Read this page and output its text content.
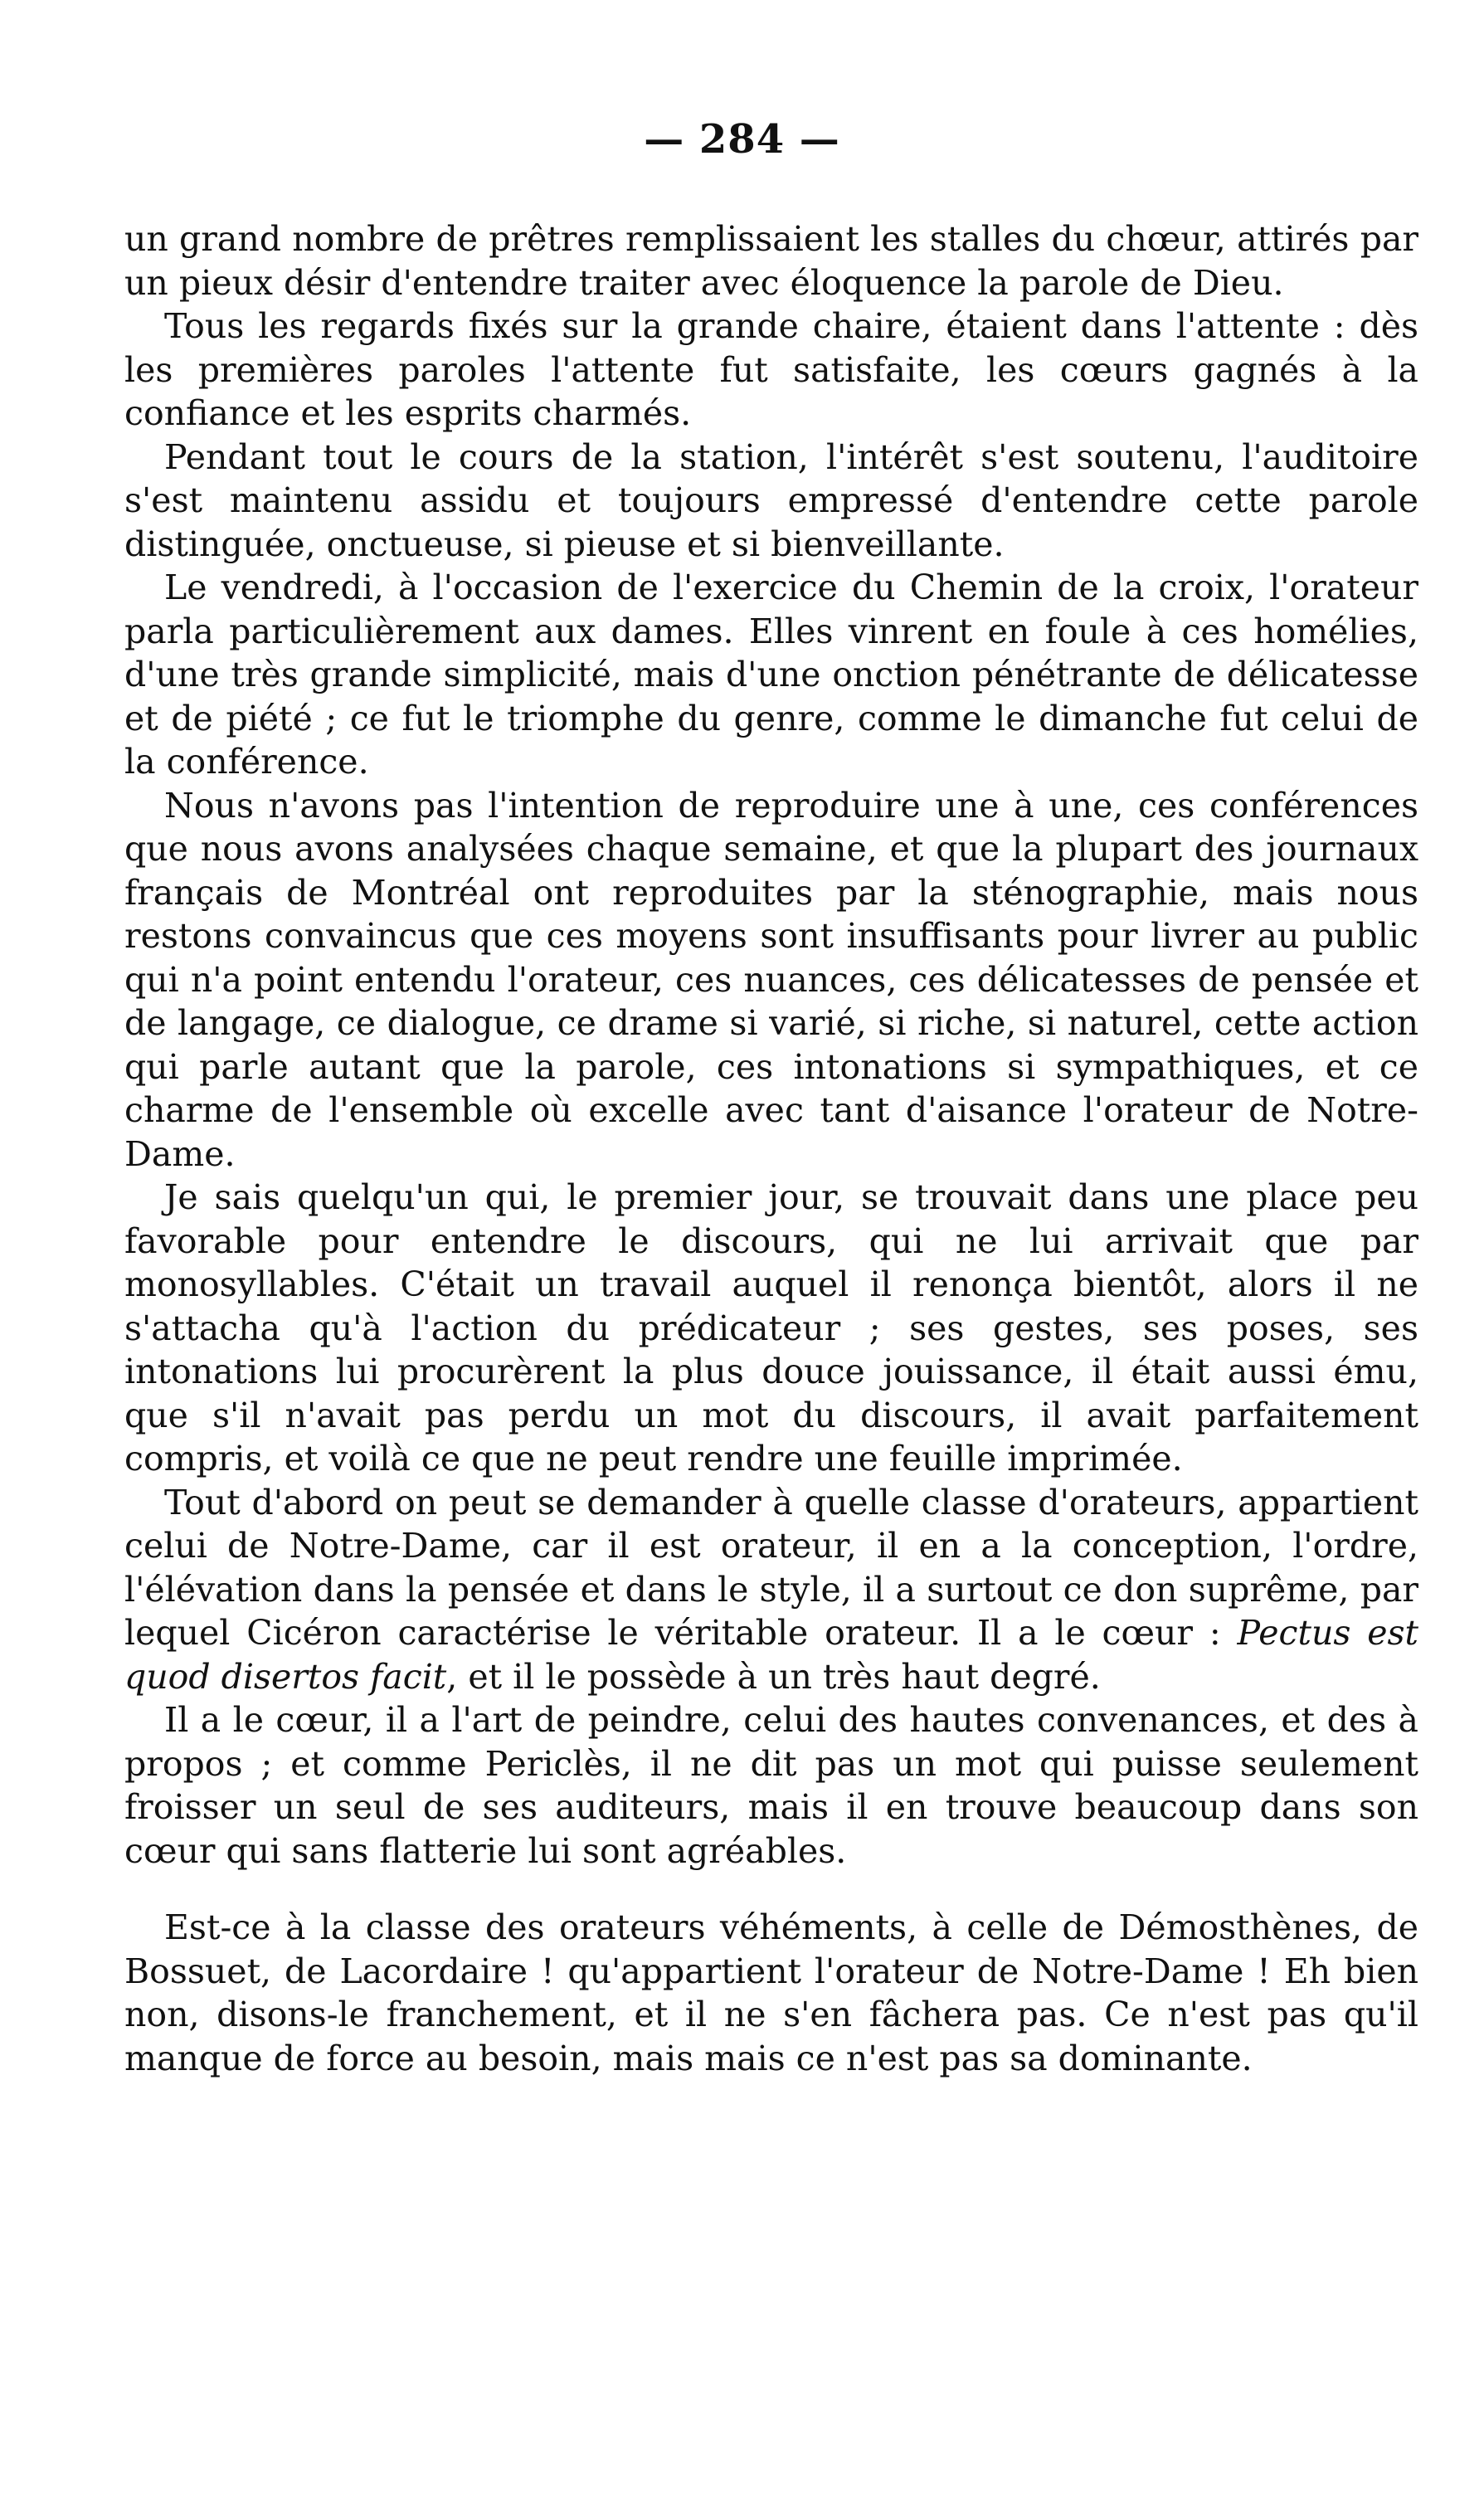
— 284 —

un grand nombre de prêtres remplissaient les stalles du chœur, attirés par un pieux désir d'entendre traiter avec éloquence la parole de Dieu.

Tous les regards fixés sur la grande chaire, étaient dans l'attente : dès les premières paroles l'attente fut satisfaite, les cœurs gagnés à la confiance et les esprits charmés.

Pendant tout le cours de la station, l'intérêt s'est soutenu, l'auditoire s'est maintenu assidu et toujours empressé d'entendre cette parole distinguée, onctueuse, si pieuse et si bienveillante.

Le vendredi, à l'occasion de l'exercice du Chemin de la croix, l'orateur parla particulièrement aux dames. Elles vinrent en foule à ces homélies, d'une très grande simplicité, mais d'une onction pénétrante de délicatesse et de piété ; ce fut le triomphe du genre, comme le dimanche fut celui de la conférence.

Nous n'avons pas l'intention de reproduire une à une, ces conférences que nous avons analysées chaque semaine, et que la plupart des journaux français de Montréal ont reproduites par la sténographie, mais nous restons convaincus que ces moyens sont insuffisants pour livrer au public qui n'a point entendu l'orateur, ces nuances, ces délicatesses de pensée et de langage, ce dialogue, ce drame si varié, si riche, si naturel, cette action qui parle autant que la parole, ces intonations si sympathiques, et ce charme de l'ensemble où excelle avec tant d'aisance l'orateur de Notre-Dame.

Je sais quelqu'un qui, le premier jour, se trouvait dans une place peu favorable pour entendre le discours, qui ne lui arrivait que par monosyllables. C'était un travail auquel il renonça bientôt, alors il ne s'attacha qu'à l'action du prédicateur ; ses gestes, ses poses, ses intonations lui procurèrent la plus douce jouissance, il était aussi ému, que s'il n'avait pas perdu un mot du discours, il avait parfaitement compris, et voilà ce que ne peut rendre une feuille imprimée.

Tout d'abord on peut se demander à quelle classe d'orateurs, appartient celui de Notre-Dame, car il est orateur, il en a la conception, l'ordre, l'élévation dans la pensée et dans le style, il a surtout ce don suprême, par lequel Cicéron caractérise le véritable orateur. Il a le cœur : Pectus est quod disertos facit, et il le possède à un très haut degré.

Il a le cœur, il a l'art de peindre, celui des hautes convenances, et des à propos ; et comme Periclès, il ne dit pas un mot qui puisse seulement froisser un seul de ses auditeurs, mais il en trouve beaucoup dans son cœur qui sans flatterie lui sont agréables.

Est-ce à la classe des orateurs véhéments, à celle de Démosthènes, de Bossuet, de Lacordaire ! qu'appartient l'orateur de Notre-Dame ! Eh bien non, disons-le franchement, et il ne s'en fâchera pas. Ce n'est pas qu'il manque de force au besoin, mais mais ce n'est pas sa dominante.
